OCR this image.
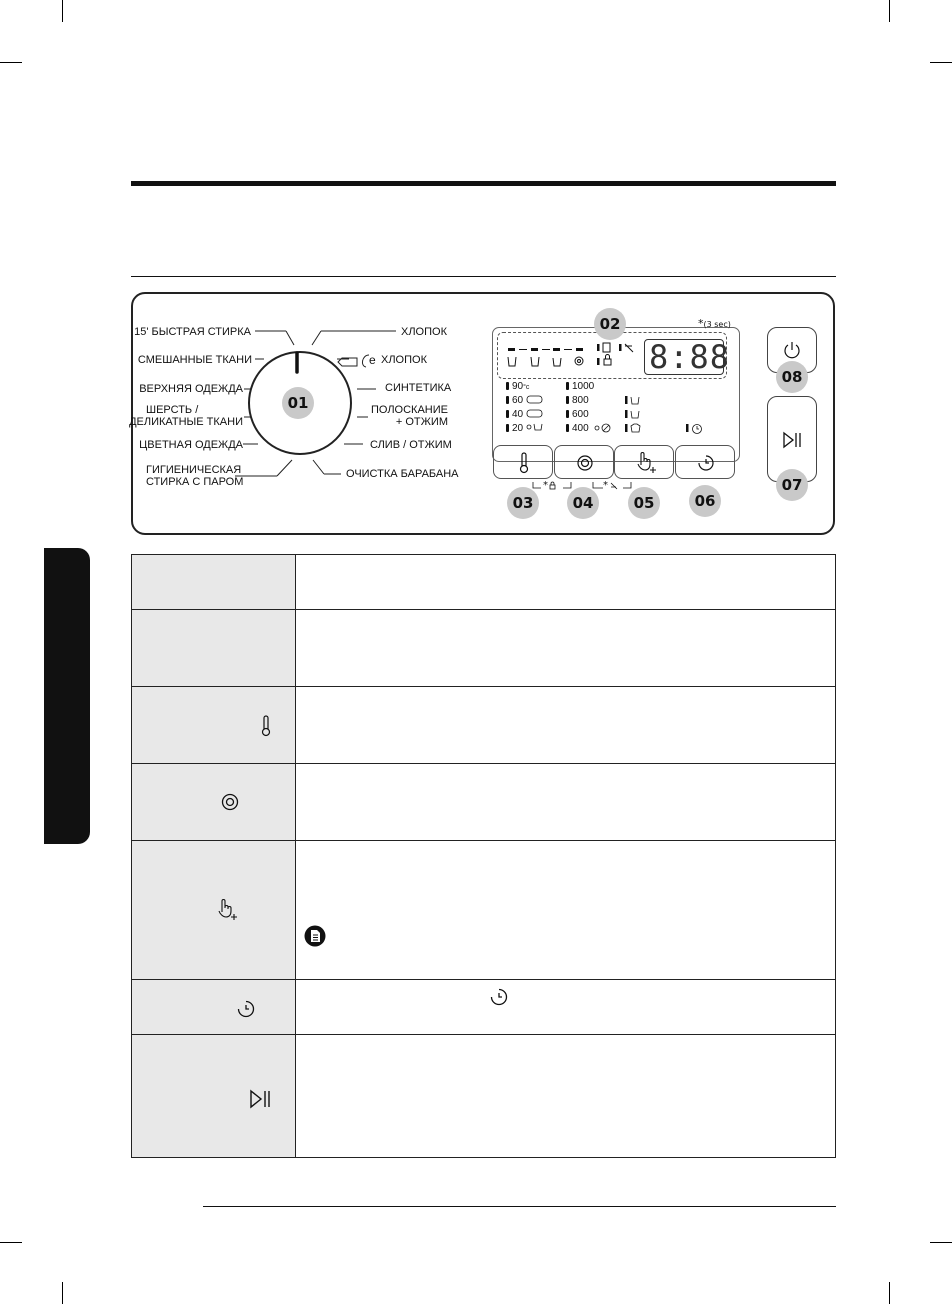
01
15' БЫСТРАЯ СТИРКА
СМЕШАННЫЕ ТКАНИ
ВЕРХНЯЯ ОДЕЖДА
ШЕРСТЬ /
ДЕЛИКАТНЫЕ ТКАНИ
ЦВЕТНАЯ ОДЕЖДА
ГИГИЕНИЧЕСКАЯ
СТИРКА С ПАРОМ
ХЛОПОК
e ХЛОПОК
СИНТЕТИКА
ПОЛОСКАНИЕ
+ ОТЖИМ
СЛИВ / ОТЖИМ
ОЧИСТКА БАРАБАНА
*(3 sec)
02
8:88
90°c
60
40
20
1000
800
600
400
*	*
03	04	05	06
08
07
